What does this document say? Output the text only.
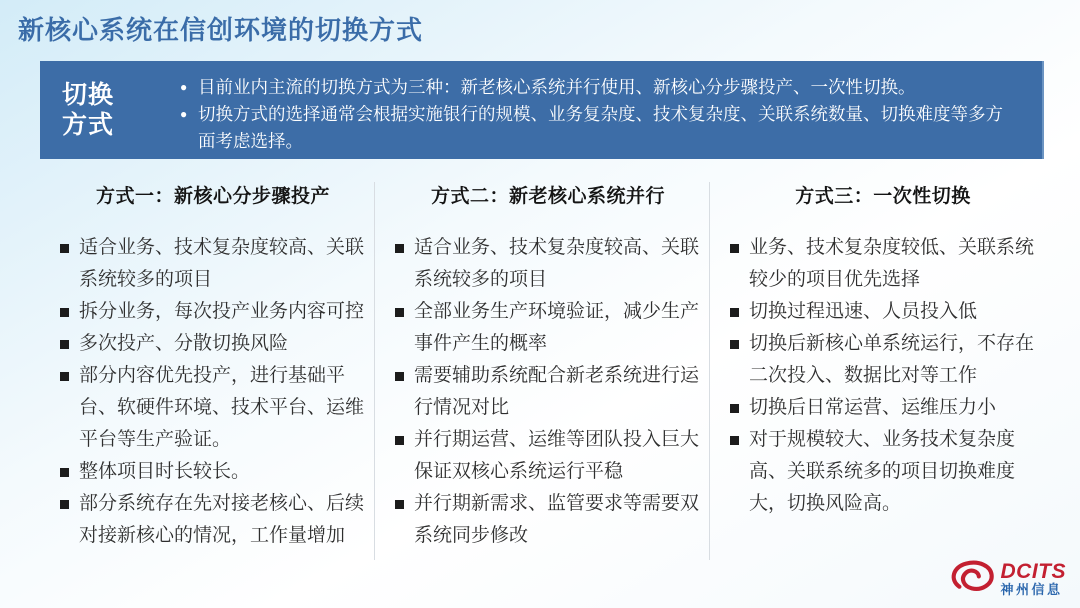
新核心系统在信创环境的切换方式
切换
方式
● 目前业内主流的切换方式为三种：新老核心系统并行使用、新核心分步骤投产、一次性切换。
● 切换方式的选择通常会根据实施银行的规模、业务复杂度、技术复杂度、关联系统数量、切换难度等多方面考虑选择。
方式一：新核心分步骤投产
适合业务、技术复杂度较高、关联系统较多的项目
拆分业务，每次投产业务内容可控
多次投产、分散切换风险
部分内容优先投产，进行基础平台、软硬件环境、技术平台、运维平台等生产验证。
整体项目时长较长。
部分系统存在先对接老核心、后续对接新核心的情况，工作量增加
方式二：新老核心系统并行
适合业务、技术复杂度较高、关联系统较多的项目
全部业务生产环境验证，减少生产事件产生的概率
需要辅助系统配合新老系统进行运行情况对比
并行期运营、运维等团队投入巨大保证双核心系统运行平稳
并行期新需求、监管要求等需要双系统同步修改
方式三：一次性切换
业务、技术复杂度较低、关联系统较少的项目优先选择
切换过程迅速、人员投入低
切换后新核心单系统运行，不存在二次投入、数据比对等工作
切换后日常运营、运维压力小
对于规模较大、业务技术复杂度高、关联系统多的项目切换难度大，切换风险高。
DCITS
神州信息
